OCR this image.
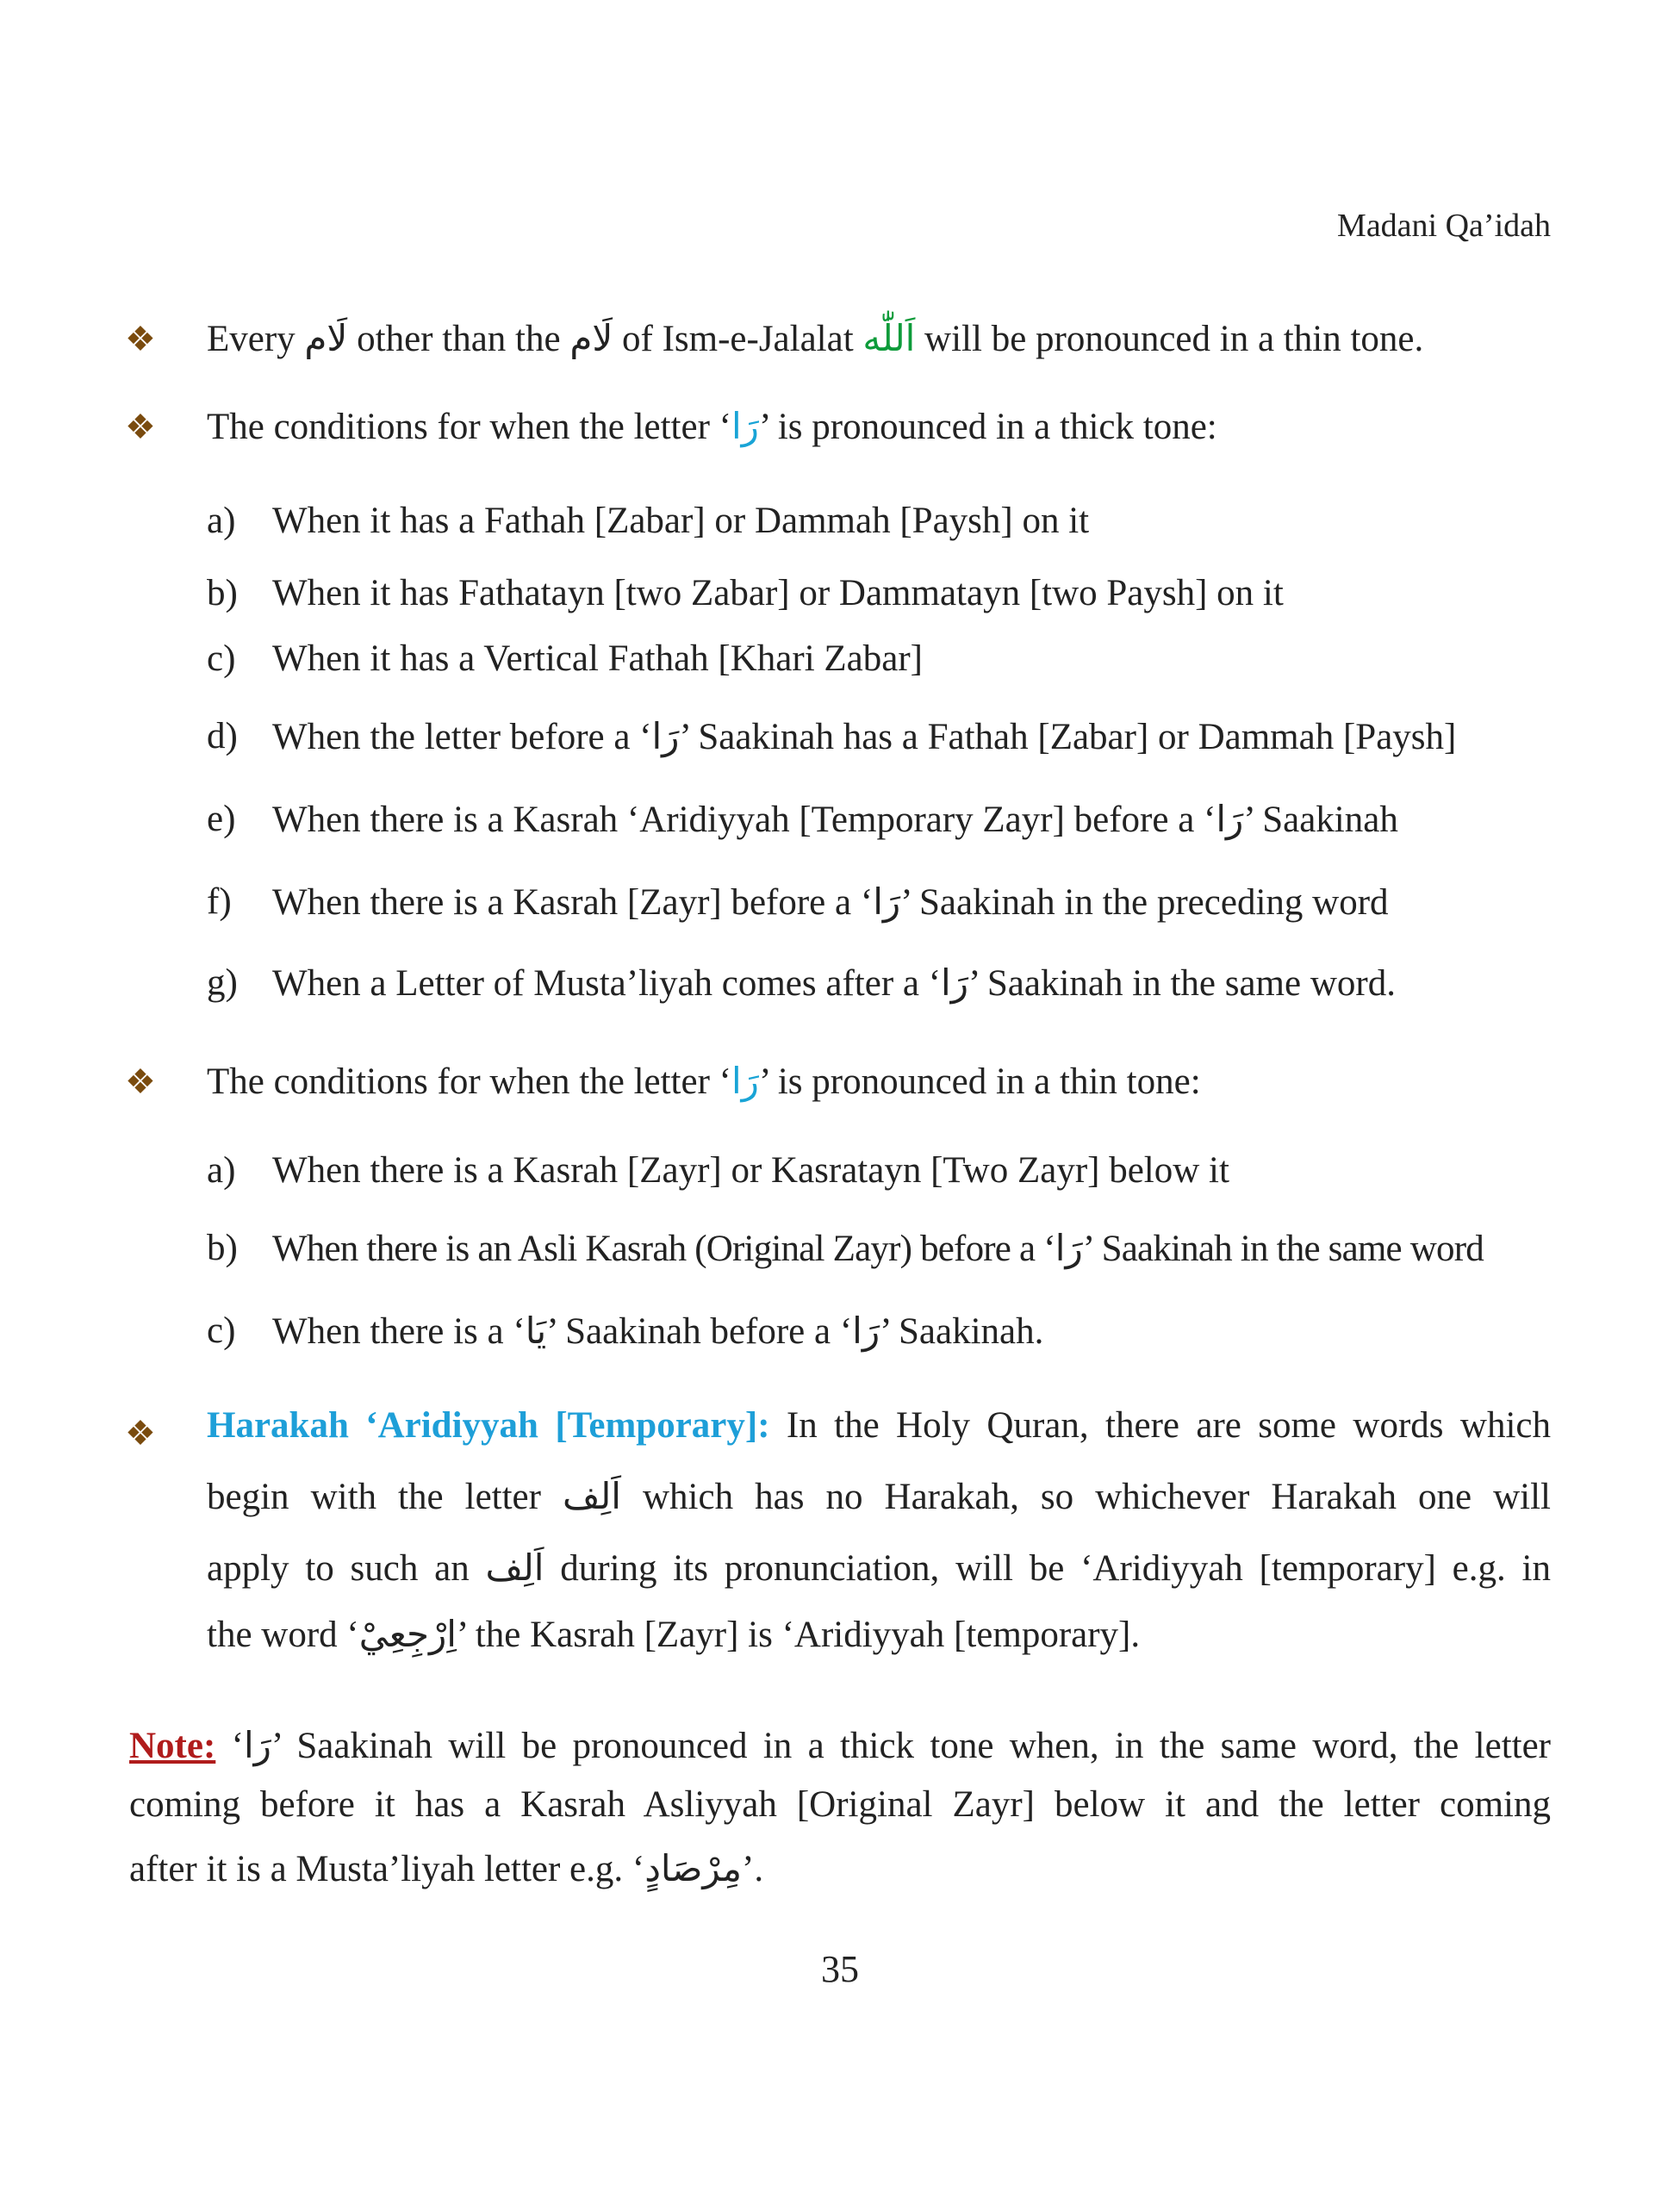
Madani Qa’idah
❖ Every لَام other than the لَام of Ism-e-Jalalat اَللّٰه will be pronounced in a thin tone.
❖ The conditions for when the letter ‘رَا’ is pronounced in a thick tone:
a) When it has a Fathah [Zabar] or Dammah [Paysh] on it
b) When it has Fathatayn [two Zabar] or Dammatayn [two Paysh] on it
c) When it has a Vertical Fathah [Khari Zabar]
d) When the letter before a ‘رَا’ Saakinah has a Fathah [Zabar] or Dammah [Paysh]
e) When there is a Kasrah ‘Aridiyyah [Temporary Zayr] before a ‘رَا’ Saakinah
f) When there is a Kasrah [Zayr] before a ‘رَا’ Saakinah in the preceding word
g) When a Letter of Musta’liyah comes after a ‘رَا’ Saakinah in the same word.
❖ The conditions for when the letter ‘رَا’ is pronounced in a thin tone:
a) When there is a Kasrah [Zayr] or Kasratayn [Two Zayr] below it
b) When there is an Asli Kasrah (Original Zayr) before a ‘رَا’ Saakinah in the same word
c) When there is a ‘يَا’ Saakinah before a ‘رَا’ Saakinah.
❖ Harakah ‘Aridiyyah [Temporary]: In the Holy Quran, there are some words which
begin with the letter اَلِف which has no Harakah, so whichever Harakah one will
apply to such an اَلِف during its pronunciation, will be ‘Aridiyyah [temporary] e.g. in
the word ‘اِرْجِعِيْ’ the Kasrah [Zayr] is ‘Aridiyyah [temporary].
Note: ‘رَا’ Saakinah will be pronounced in a thick tone when, in the same word, the letter
coming before it has a Kasrah Asliyyah [Original Zayr] below it and the letter coming
after it is a Musta’liyah letter e.g. ‘مِرْصَادٍ’.
35
